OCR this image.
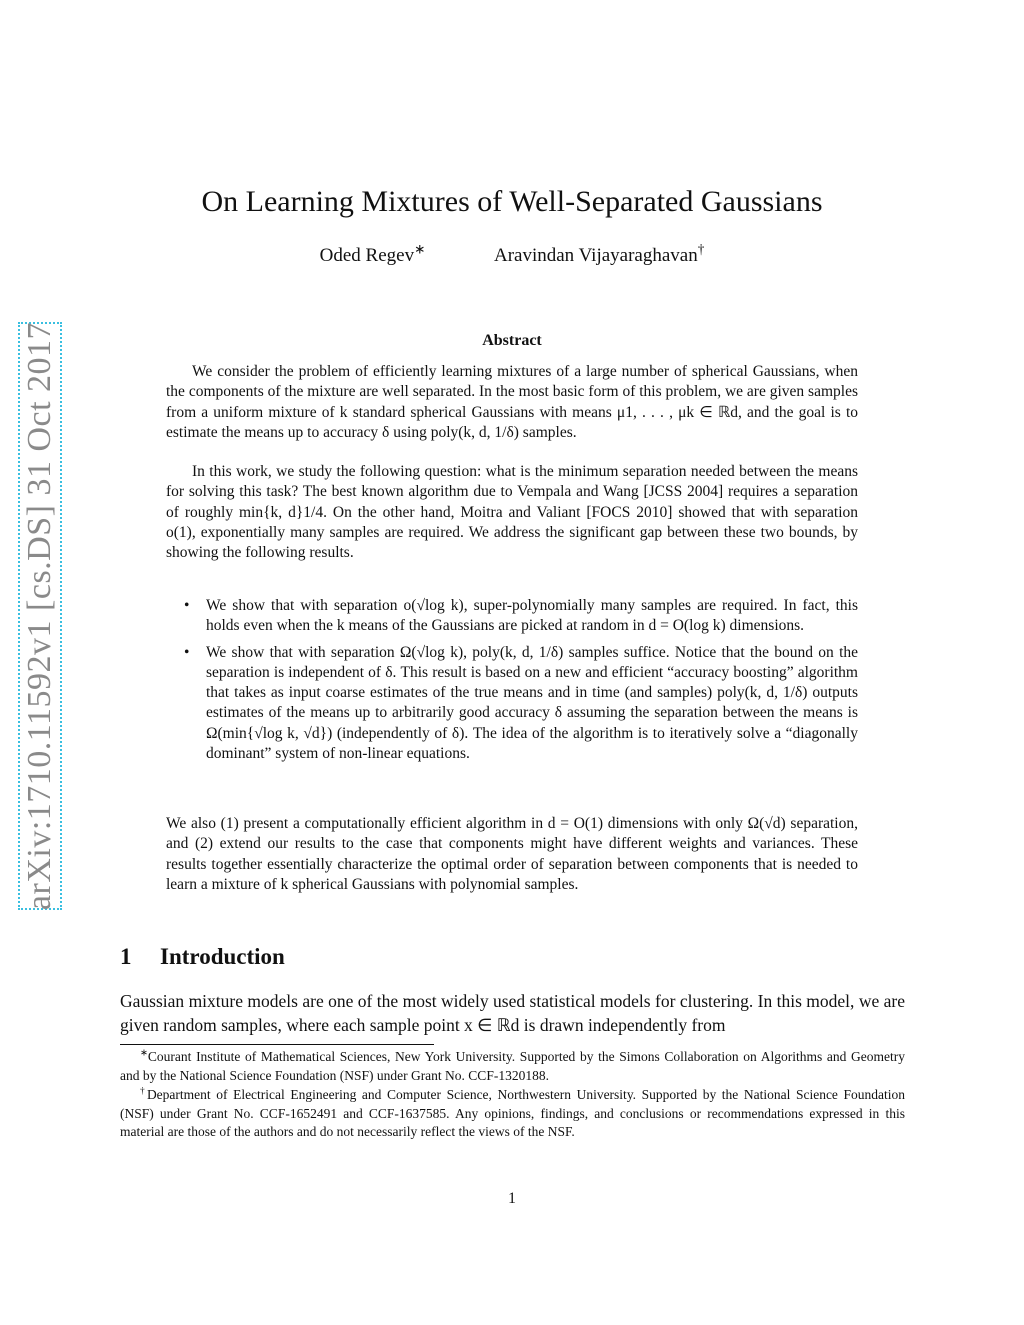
On Learning Mixtures of Well-Separated Gaussians
Oded Regev∗	Aravindan Vijayaraghavan†
arXiv:1710.11592v1 [cs.DS] 31 Oct 2017	Abstract
We consider the problem of efficiently learning mixtures of a large number of spherical Gaussians, when the components of the mixture are well separated. In the most basic form of this problem, we are given samples from a uniform mixture of k standard spherical Gaussians with means μ1, . . . , μk ∈ ℝd, and the goal is to estimate the means up to accuracy δ using poly(k, d, 1/δ) samples.
In this work, we study the following question: what is the minimum separation needed between the means for solving this task? The best known algorithm due to Vempala and Wang [JCSS 2004] requires a separation of roughly min{k, d}1/4. On the other hand, Moitra and Valiant [FOCS 2010] showed that with separation o(1), exponentially many samples are required. We address the significant gap between these two bounds, by showing the following results.
• We show that with separation o(√log k), super-polynomially many samples are required. In fact, this holds even when the k means of the Gaussians are picked at random in d = O(log k) dimensions.
• We show that with separation Ω(√log k), poly(k, d, 1/δ) samples suffice. Notice that the bound on the separation is independent of δ. This result is based on a new and efficient “accuracy boosting” algorithm that takes as input coarse estimates of the true means and in time (and samples) poly(k, d, 1/δ) outputs estimates of the means up to arbitrarily good accuracy δ assuming the separation between the means is Ω(min{√log k, √d}) (independently of δ). The idea of the algorithm is to iteratively solve a “diagonally dominant” system of non-linear equations.
We also (1) present a computationally efficient algorithm in d = O(1) dimensions with only Ω(√d) separation, and (2) extend our results to the case that components might have different weights and variances. These results together essentially characterize the optimal order of separation between components that is needed to learn a mixture of k spherical Gaussians with polynomial samples.
1 Introduction
Gaussian mixture models are one of the most widely used statistical models for clustering. In this model, we are given random samples, where each sample point x ∈ ℝd is drawn independently from

∗Courant Institute of Mathematical Sciences, New York University. Supported by the Simons Collaboration on Algorithms and Geometry and by the National Science Foundation (NSF) under Grant No. CCF-1320188.

†Department of Electrical Engineering and Computer Science, Northwestern University. Supported by the National Science Foundation (NSF) under Grant No. CCF-1652491 and CCF-1637585. Any opinions, findings, and conclusions or recommendations expressed in this material are those of the authors and do not necessarily reflect the views of the NSF.

1
